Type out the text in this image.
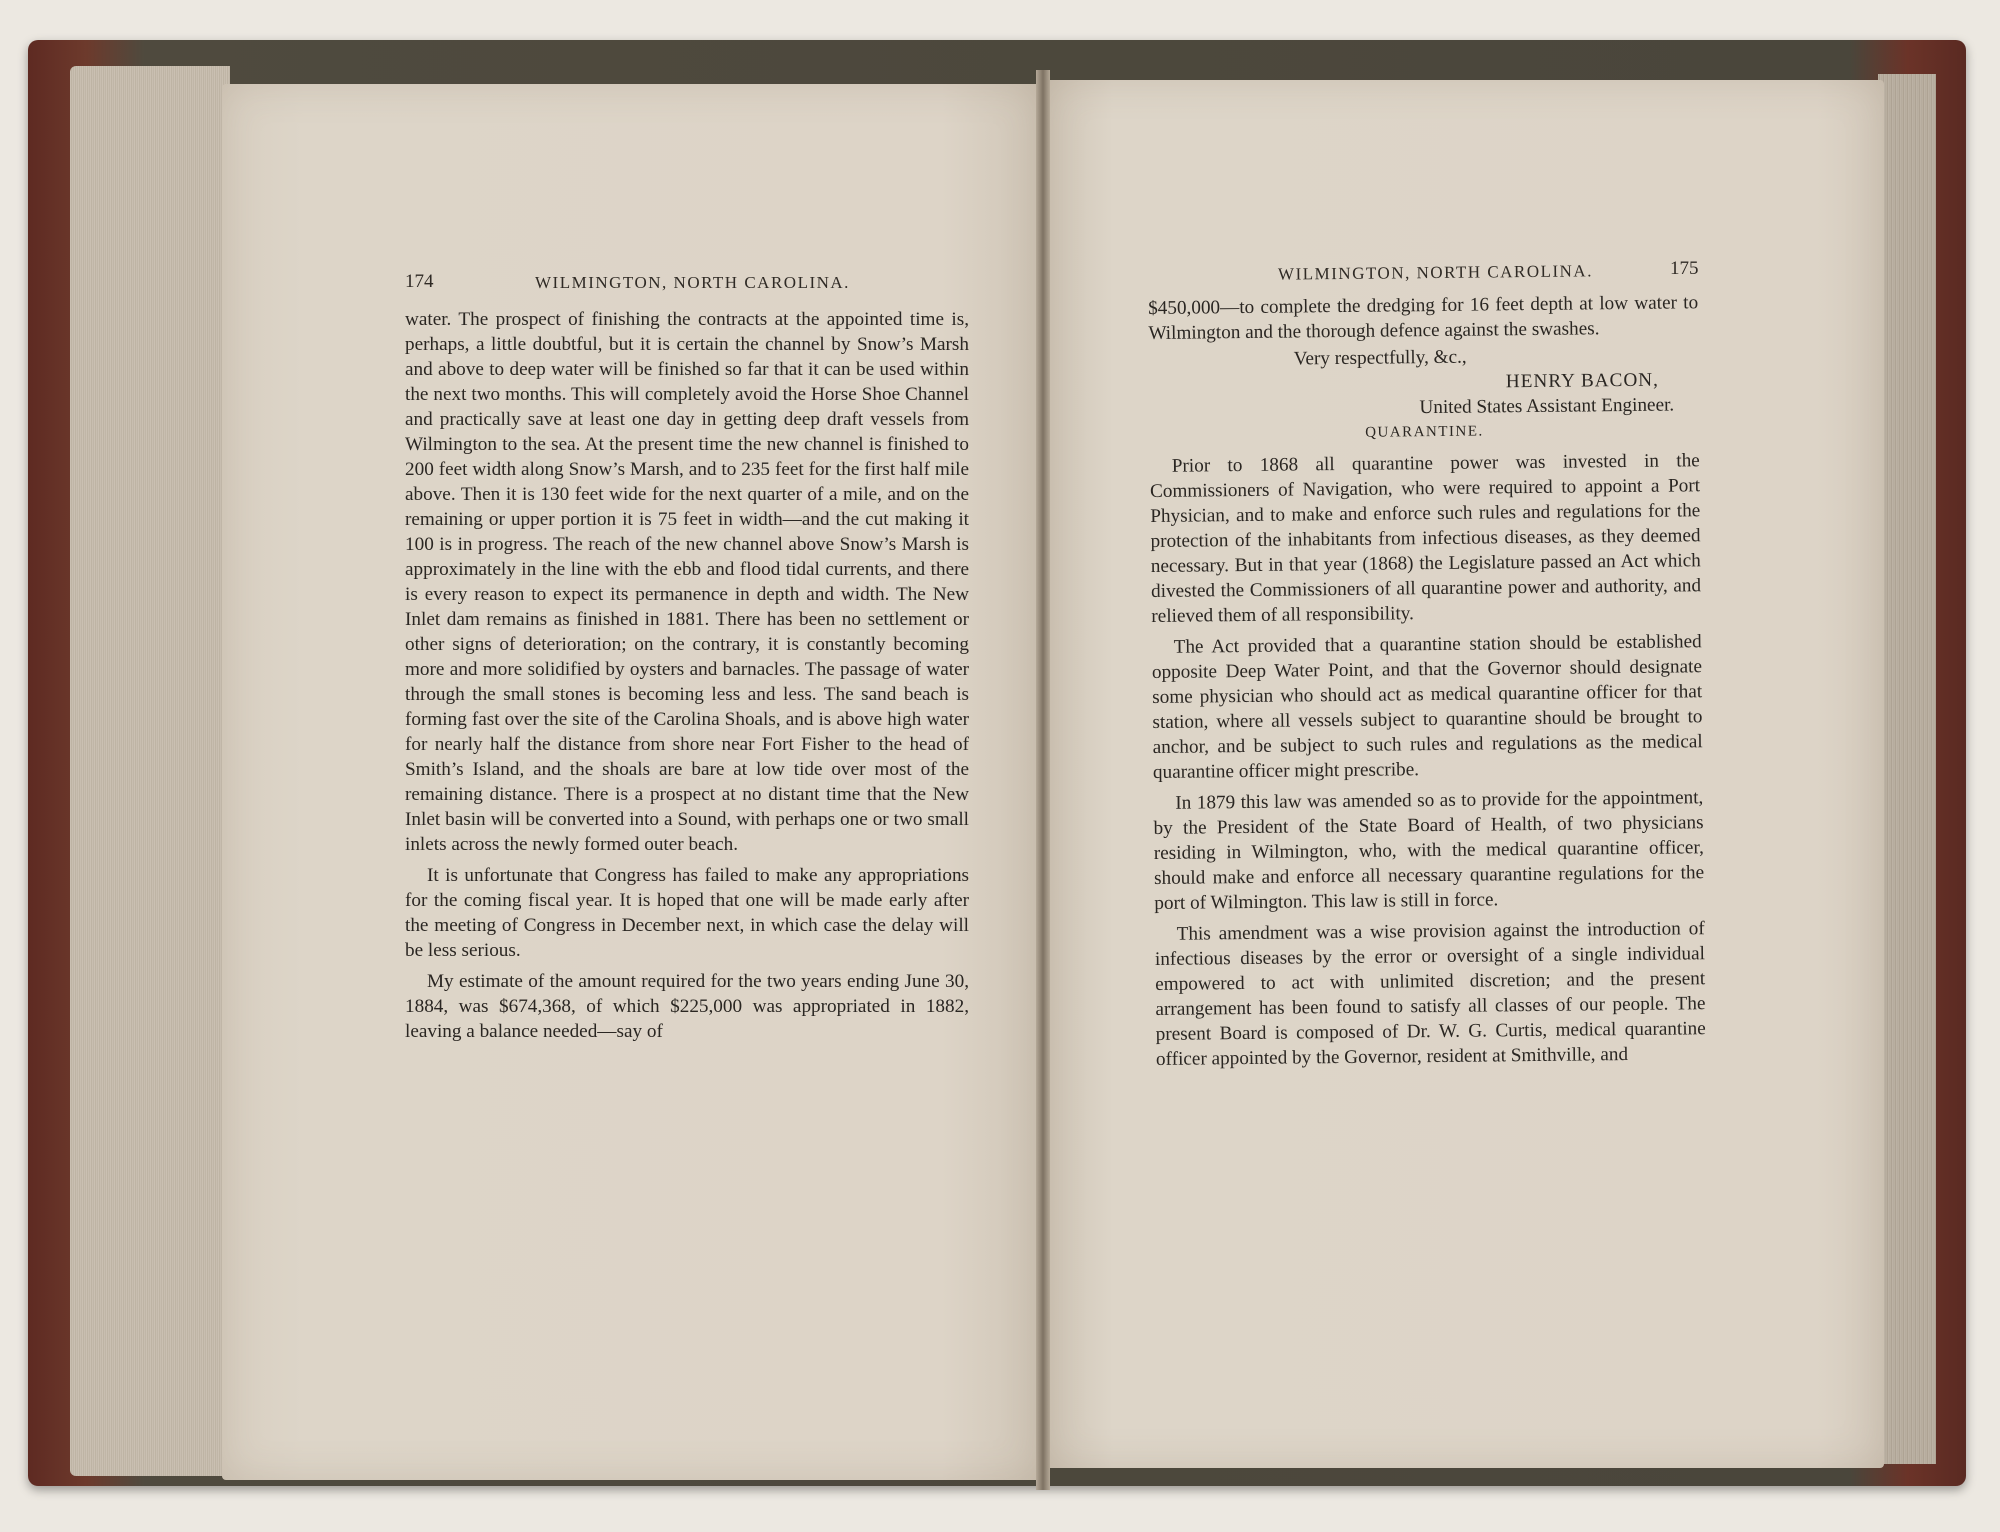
174	WILMINGTON, NORTH CAROLINA.

water. The prospect of finishing the contracts at the appointed time is, perhaps, a little doubtful, but it is certain the channel by Snow’s Marsh and above to deep water will be finished so far that it can be used within the next two months. This will completely avoid the Horse Shoe Channel and practically save at least one day in getting deep draft vessels from Wilmington to the sea. At the present time the new channel is finished to 200 feet width along Snow’s Marsh, and to 235 feet for the first half mile above. Then it is 130 feet wide for the next quarter of a mile, and on the remaining or upper portion it is 75 feet in width—and the cut making it 100 is in progress. The reach of the new channel above Snow’s Marsh is approximately in the line with the ebb and flood tidal currents, and there is every reason to expect its permanence in depth and width. The New Inlet dam remains as finished in 1881. There has been no settlement or other signs of deterioration; on the contrary, it is constantly becoming more and more solidified by oysters and barnacles. The passage of water through the small stones is becoming less and less. The sand beach is forming fast over the site of the Carolina Shoals, and is above high water for nearly half the distance from shore near Fort Fisher to the head of Smith’s Island, and the shoals are bare at low tide over most of the remaining distance. There is a prospect at no distant time that the New Inlet basin will be converted into a Sound, with perhaps one or two small inlets across the newly formed outer beach.

It is unfortunate that Congress has failed to make any appropriations for the coming fiscal year. It is hoped that one will be made early after the meeting of Congress in December next, in which case the delay will be less serious.

My estimate of the amount required for the two years ending June 30, 1884, was $674,368, of which $225,000 was appropriated in 1882, leaving a balance needed—say of

WILMINGTON, NORTH CAROLINA.	175

$450,000—to complete the dredging for 16 feet depth at low water to Wilmington and the thorough defence against the swashes.

Very respectfully, &c.,

HENRY BACON,

United States Assistant Engineer.

QUARANTINE.

Prior to 1868 all quarantine power was invested in the Commissioners of Navigation, who were required to appoint a Port Physician, and to make and enforce such rules and regulations for the protection of the inhabitants from infectious diseases, as they deemed necessary. But in that year (1868) the Legislature passed an Act which divested the Commissioners of all quarantine power and authority, and relieved them of all responsibility.

The Act provided that a quarantine station should be established opposite Deep Water Point, and that the Governor should designate some physician who should act as medical quarantine officer for that station, where all vessels subject to quarantine should be brought to anchor, and be subject to such rules and regulations as the medical quarantine officer might prescribe.

In 1879 this law was amended so as to provide for the appointment, by the President of the State Board of Health, of two physicians residing in Wilmington, who, with the medical quarantine officer, should make and enforce all necessary quarantine regulations for the port of Wilmington. This law is still in force.

This amendment was a wise provision against the introduction of infectious diseases by the error or oversight of a single individual empowered to act with unlimited discretion; and the present arrangement has been found to satisfy all classes of our people. The present Board is composed of Dr. W. G. Curtis, medical quarantine officer appointed by the Governor, resident at Smithville, and
